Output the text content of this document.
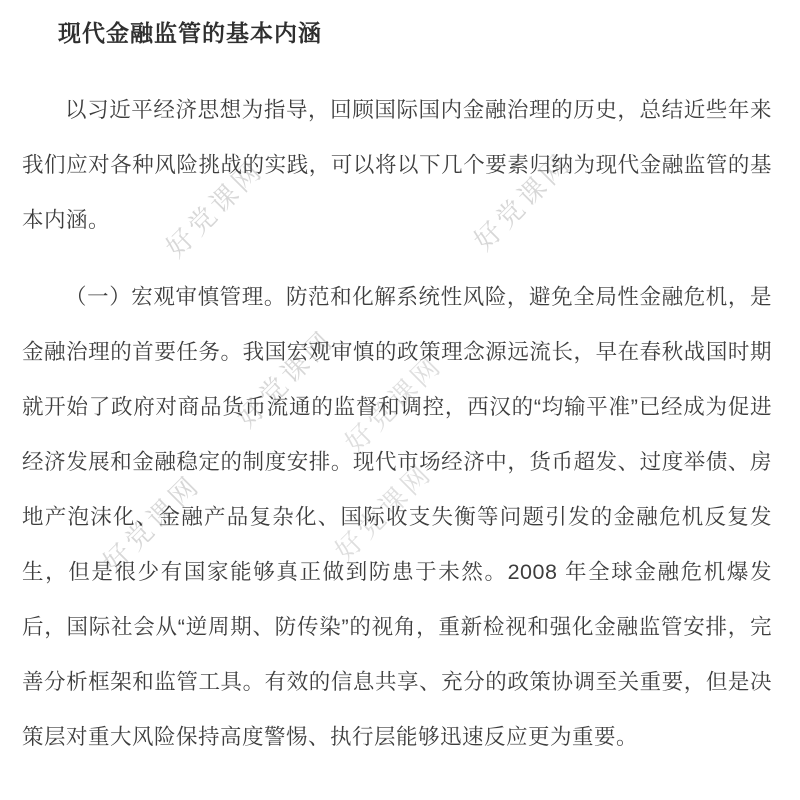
好党课网	好党课网
好党课网 好党课网
好党课网	好党课网
现代金融监管的基本内涵

以习近平经济思想为指导，回顾国际国内金融治理的历史，总结近些年来我们应对各种风险挑战的实践，可以将以下几个要素归纳为现代金融监管的基本内涵。

（一）宏观审慎管理。防范和化解系统性风险，避免全局性金融危机，是金融治理的首要任务。我国宏观审慎的政策理念源远流长，早在春秋战国时期就开始了政府对商品货币流通的监督和调控，西汉的“均输平准”已经成为促进经济发展和金融稳定的制度安排。现代市场经济中，货币超发、过度举债、房地产泡沫化、金融产品复杂化、国际收支失衡等问题引发的金融危机反复发生，但是很少有国家能够真正做到防患于未然。2008 年全球金融危机爆发后，国际社会从“逆周期、防传染”的视角，重新检视和强化金融监管安排，完善分析框架和监管工具。有效的信息共享、充分的政策协调至关重要，但是决策层对重大风险保持高度警惕、执行层能够迅速反应更为重要。
